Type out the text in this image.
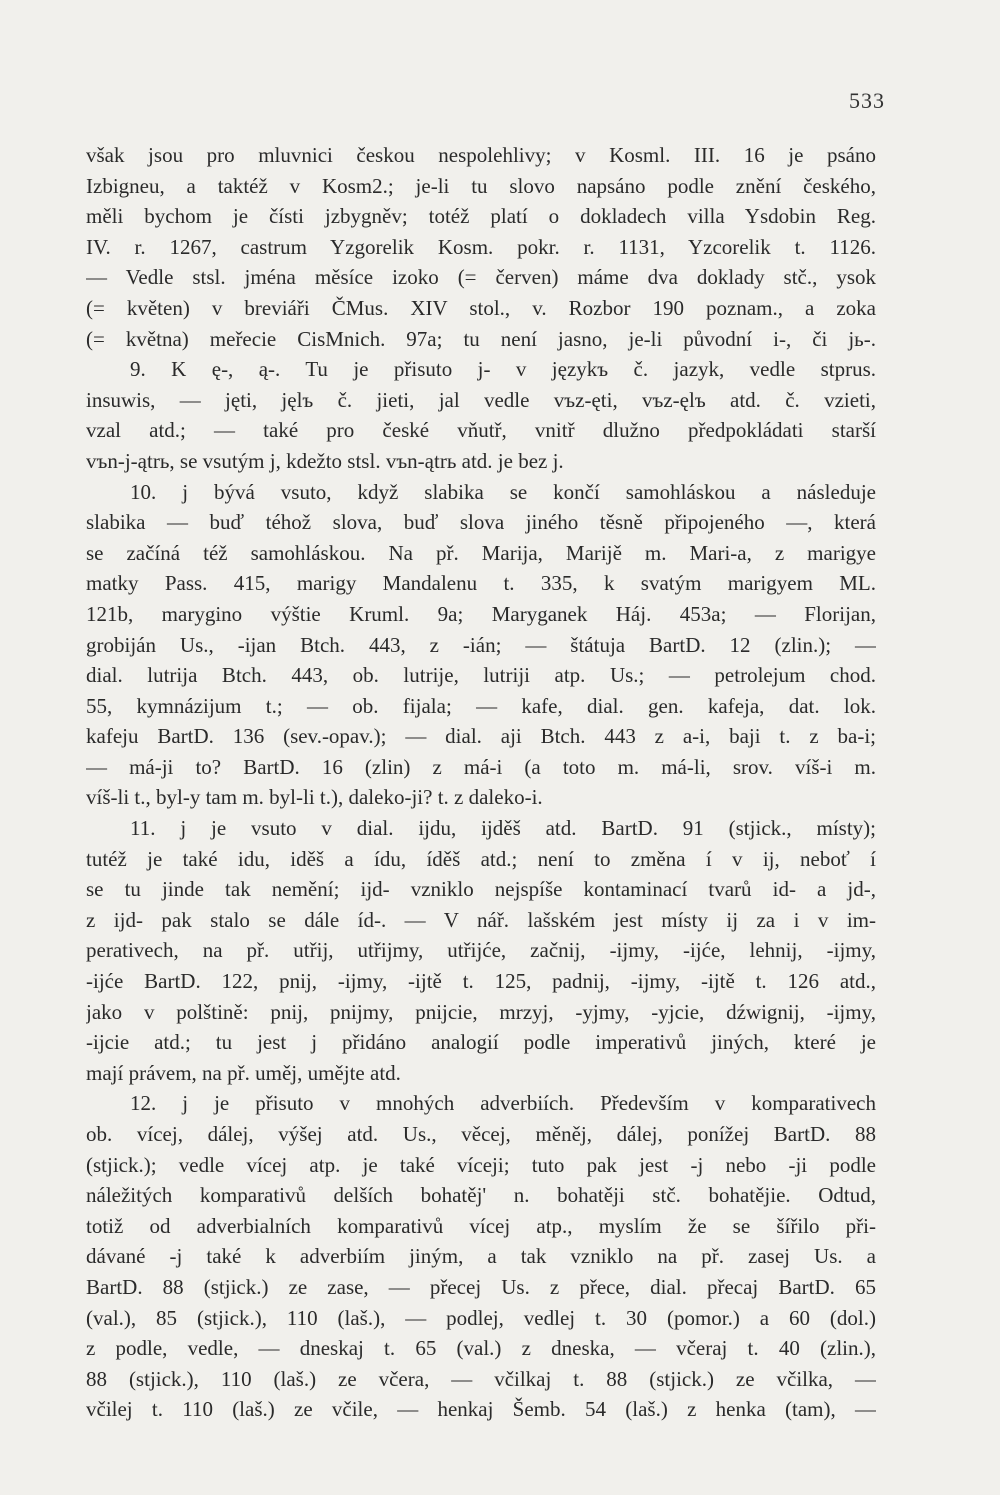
533
však jsou pro mluvnici českou nespolehlivy; v Kosml. III. 16 je psáno
Izbigneu, a taktéž v Kosm2.; je-li tu slovo napsáno podle znění českého,
měli bychom je čísti jzbygněv; totéž platí o dokladech villa Ysdobin Reg.
IV. r. 1267, castrum Yzgorelik Kosm. pokr. r. 1131, Yzcorelik t. 1126.
— Vedle stsl. jména měsíce izoko (= červen) máme dva doklady stč., ysok
(= květen) v breviáři ČMus. XIV stol., v. Rozbor 190 poznam., a zoka
(= května) meřecie CisMnich. 97a; tu není jasno, je-li původní i-, či jь-.
9. K ę-, ą-. Tu je přisuto j- v językъ č. jazyk, vedle stprus.
insuwis, — jęti, jęlъ č. jieti, jal vedle vъz-ęti, vъz-ęlъ atd. č. vzieti,
vzal atd.; — také pro české vňutř, vnitř dlužno předpokládati starší
vъn-j-ątrь, se vsutým j, kdežto stsl. vъn-ątrь atd. je bez j.
10. j bývá vsuto, když slabika se končí samohláskou a následuje
slabika — buď téhož slova, buď slova jiného těsně připojeného —, která
se začíná též samohláskou. Na př. Marija, Marijě m. Mari-a, z marigye
matky Pass. 415, marigy Mandalenu t. 335, k svatým marigyem ML.
121b, marygino výštie Kruml. 9a; Maryganek Háj. 453a; — Florijan,
grobiján Us., -ijan Btch. 443, z -ián; — štátuja BartD. 12 (zlin.); —
dial. lutrija Btch. 443, ob. lutrije, lutriji atp. Us.; — petrolejum chod.
55, kymnázijum t.; — ob. fijala; — kafe, dial. gen. kafeja, dat. lok.
kafeju BartD. 136 (sev.-opav.); — dial. aji Btch. 443 z a-i, baji t. z ba-i;
— má-ji to? BartD. 16 (zlin) z má-i (a toto m. má-li, srov. víš-i m.
víš-li t., byl-y tam m. byl-li t.), daleko-ji? t. z daleko-i.
11. j je vsuto v dial. ijdu, ijděš atd. BartD. 91 (stjick., místy);
tutéž je také idu, iděš a ídu, íděš atd.; není to změna í v ij, neboť í
se tu jinde tak nemění; ijd- vzniklo nejspíše kontaminací tvarů id- a jd-,
z ijd- pak stalo se dále íd-. — V nář. lašském jest místy ij za i v im-
perativech, na př. utřij, utřijmy, utřijće, začnij, -ijmy, -ijće, lehnij, -ijmy,
-ijće BartD. 122, pnij, -ijmy, -ijtě t. 125, padnij, -ijmy, -ijtě t. 126 atd.,
jako v polštině: pnij, pnijmy, pnijcie, mrzyj, -yjmy, -yjcie, dźwignij, -ijmy,
-ijcie atd.; tu jest j přidáno analogií podle imperativů jiných, které je
mají právem, na př. uměj, umějte atd.
12. j je přisuto v mnohých adverbiích. Především v komparativech
ob. vícej, dálej, výšej atd. Us., věcej, měněj, dálej, ponížej BartD. 88
(stjick.); vedle vícej atp. je také víceji; tuto pak jest -j nebo -ji podle
náležitých komparativů delších bohatěj' n. bohatěji stč. bohatějie. Odtud,
totiž od adverbialních komparativů vícej atp., myslím že se šířilo při-
dávané -j také k adverbiím jiným, a tak vzniklo na př. zasej Us. a
BartD. 88 (stjick.) ze zase, — přecej Us. z přece, dial. přecaj BartD. 65
(val.), 85 (stjick.), 110 (laš.), — podlej, vedlej t. 30 (pomor.) a 60 (dol.)
z podle, vedle, — dneskaj t. 65 (val.) z dneska, — včeraj t. 40 (zlin.),
88 (stjick.), 110 (laš.) ze včera, — včilkaj t. 88 (stjick.) ze včilka, —
včilej t. 110 (laš.) ze včile, — henkaj Šemb. 54 (laš.) z henka (tam), —
